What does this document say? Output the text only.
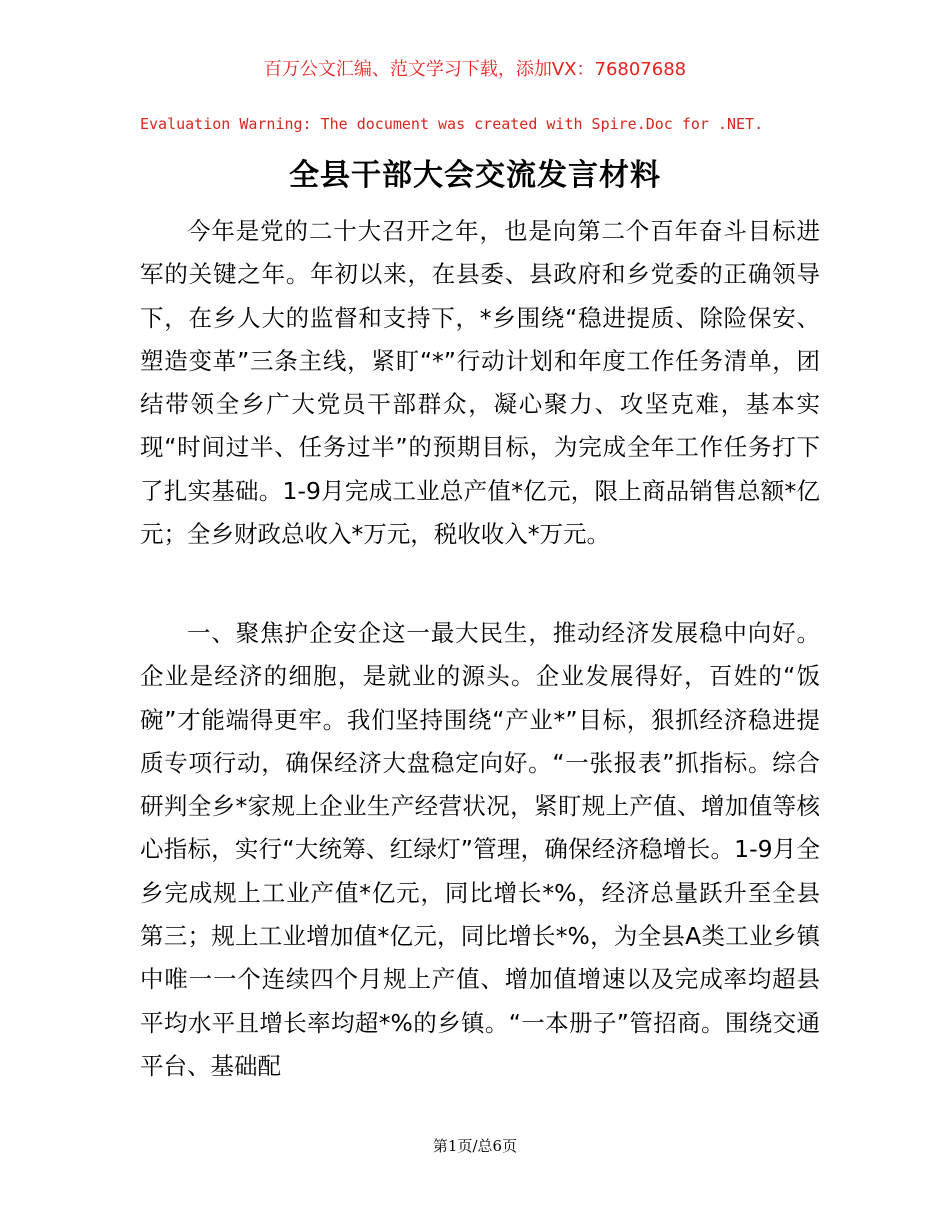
百万公文汇编、范文学习下载，添加VX：76807688
Evaluation Warning: The document was created with Spire.Doc for .NET.
全县干部大会交流发言材料

今年是党的二十大召开之年，也是向第二个百年奋斗目标进军的关键之年。年初以来，在县委、县政府和乡党委的正确领导下，在乡人大的监督和支持下，*乡围绕“稳进提质、除险保安、塑造变革”三条主线，紧盯“*”行动计划和年度工作任务清单，团结带领全乡广大党员干部群众，凝心聚力、攻坚克难，基本实现“时间过半、任务过半”的预期目标，为完成全年工作任务打下了扎实基础。1-9月完成工业总产值*亿元，限上商品销售总额*亿元；全乡财政总收入*万元，税收收入*万元。

一、聚焦护企安企这一最大民生，推动经济发展稳中向好。企业是经济的细胞，是就业的源头。企业发展得好，百姓的“饭碗”才能端得更牢。我们坚持围绕“产业*”目标，狠抓经济稳进提质专项行动，确保经济大盘稳定向好。“一张报表”抓指标。综合研判全乡*家规上企业生产经营状况，紧盯规上产值、增加值等核心指标，实行“大统筹、红绿灯”管理，确保经济稳增长。1-9月全乡完成规上工业产值*亿元，同比增长*%，经济总量跃升至全县第三；规上工业增加值*亿元，同比增长*%，为全县A类工业乡镇中唯一一个连续四个月规上产值、增加值增速以及完成率均超县平均水平且增长率均超*%的乡镇。“一本册子”管招商。围绕交通平台、基础配

第1页/总6页
